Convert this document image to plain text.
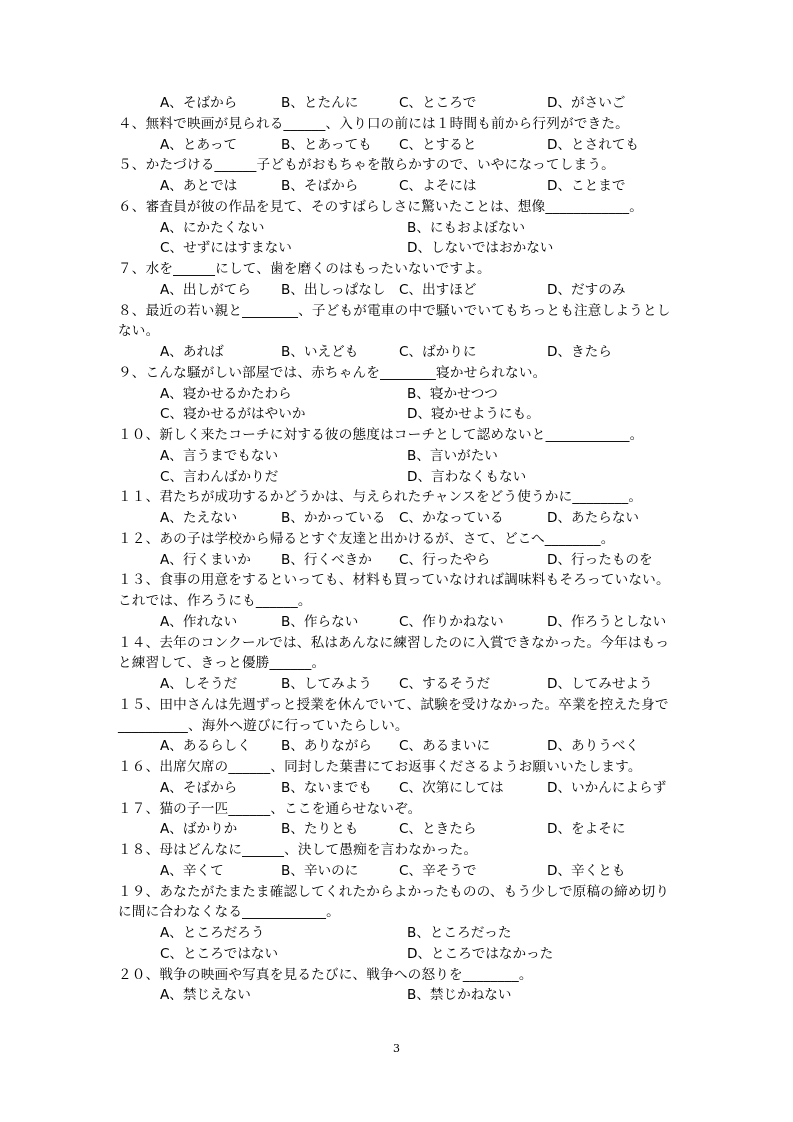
A、そばから	B、とたんに	C、ところで	D、がさいご
４、無料で映画が見られる______、入り口の前には１時間も前から行列ができた。
A、とあって	B、とあっても C、とすると	D、とされても
５、かたづける______子どもがおもちゃを散らかすので、いやになってしまう。
A、あとでは	B、そばから	C、よそには	D、ことまで
６、審査員が彼の作品を見て、そのすばらしさに驚いたことは、想像____________。
A、にかたくない	B、にもおよぼない
C、せずにはすまない	D、しないではおかない
７、水を______にして、歯を磨くのはもったいないですよ。
A、出しがてら B、出しっぱなし C、出すほど	D、だすのみ
８、最近の若い親と________、子どもが電車の中で騒いでいてもちっとも注意しようとし
ない。
A、あれば	B、いえども	C、ばかりに	D、きたら
９、こんな騒がしい部屋では、赤ちゃんを________寝かせられない。
A、寝かせるかたわら	B、寝かせつつ
C、寝かせるがはやいか	D、寝かせようにも。
１０、新しく来たコーチに対する彼の態度はコーチとして認めないと____________。
A、言うまでもない	B、言いがたい
C、言わんばかりだ	D、言わなくもない
１１、君たちが成功するかどうかは、与えられたチャンスをどう使うかに________。
A、たえない	B、かかっている C、かなっている	D、あたらない
１２、あの子は学校から帰るとすぐ友達と出かけるが、さて、どこへ________。
A、行くまいか B、行くべきか C、行ったやら	D、行ったものを
１３、食事の用意をするといっても、材料も買っていなければ調味料もそろっていない。
これでは、作ろうにも______。
A、作れない	B、作らない	C、作りかねない	D、作ろうとしない
１４、去年のコンクールでは、私はあんなに練習したのに入賞できなかった。今年はもっ
と練習して、きっと優勝______。
A、しそうだ	B、してみよう C、するそうだ	D、してみせよう
１５、田中さんは先週ずっと授業を休んでいて、試験を受けなかった。卒業を控えた身で
__________、海外へ遊びに行っていたらしい。
A、あるらしく B、ありながら C、あるまいに	D、ありうべく
１６、出席欠席の______、同封した葉書にてお返事くださるようお願いいたします。
A、そばから	B、ないまでも C、次第にしては	D、いかんによらず
１７、猫の子一匹______、ここを通らせないぞ。
A、ばかりか	B、たりとも	C、ときたら	D、をよそに
１８、母はどんなに______、決して愚痴を言わなかった。
A、辛くて	B、辛いのに	C、辛そうで	D、辛くとも
１９、あなたがたまたま確認してくれたからよかったものの、もう少しで原稿の締め切り
に間に合わなくなる____________。
A、ところだろう	B、ところだった
C、ところではない	D、ところではなかった
２０、戦争の映画や写真を見るたびに、戦争への怒りを________。
A、禁じえない	B、禁じかねない
3
